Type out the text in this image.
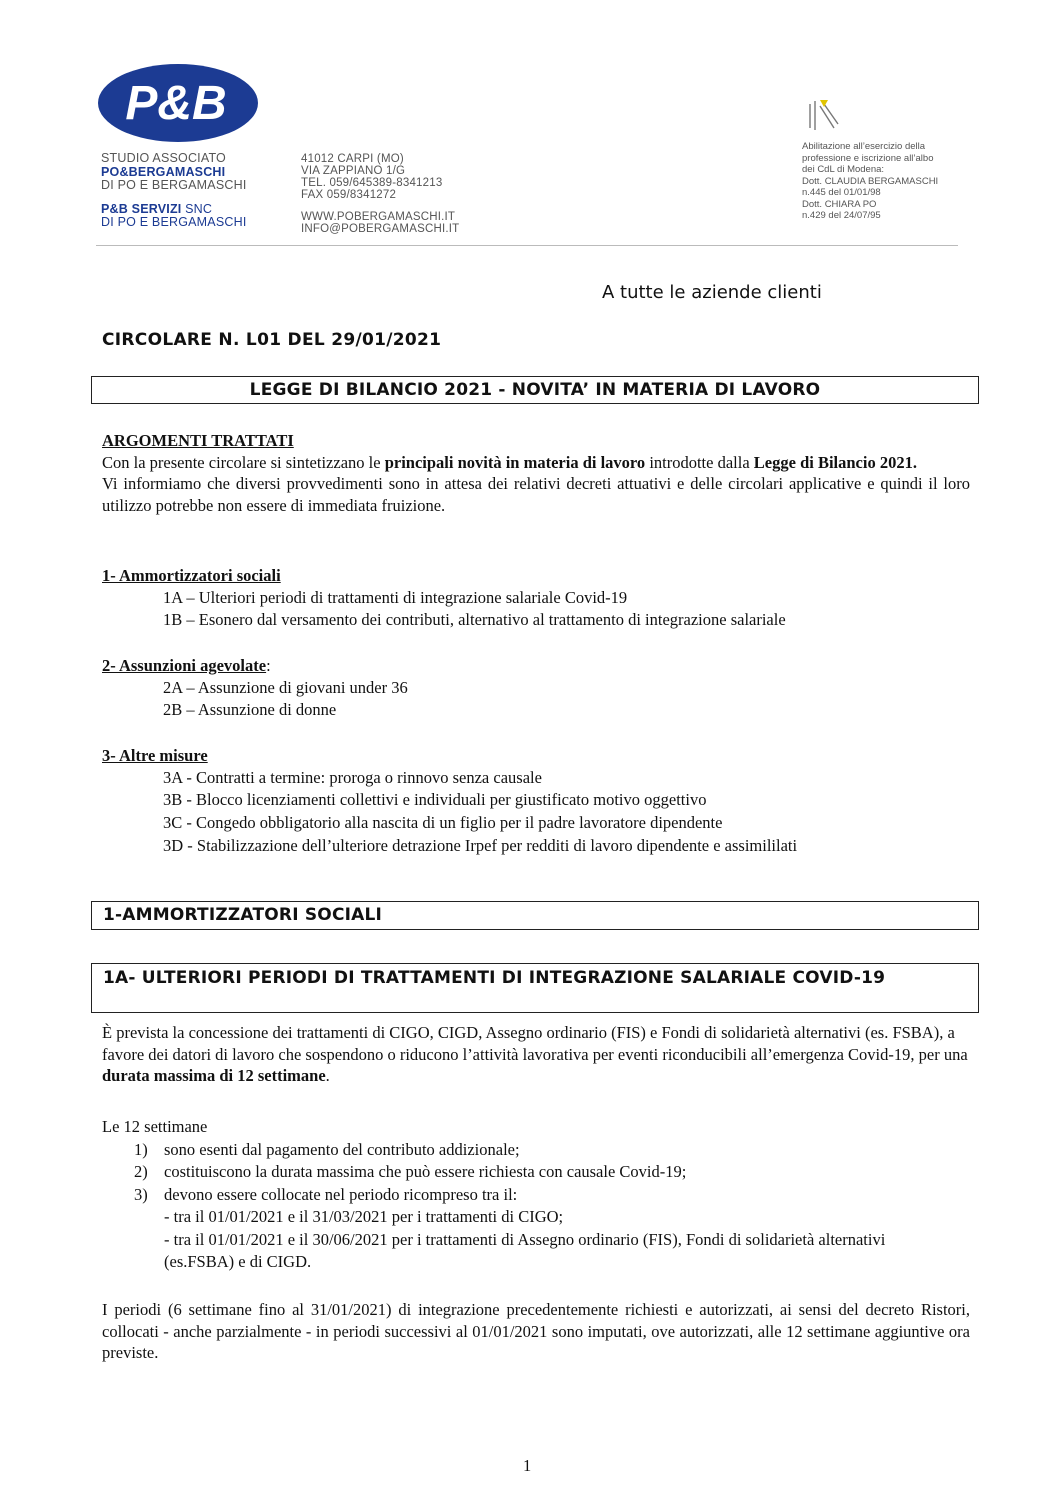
P&B
STUDIO ASSOCIATO
PO&BERGAMASCHI
DI PO E BERGAMASCHI
P&B SERVIZI SNC
DI PO E BERGAMASCHI
41012 CARPI (MO)
VIA ZAPPIANO 1/G
TEL. 059/645389-8341213
FAX 059/8341272
WWW.POBERGAMASCHI.IT
INFO@POBERGAMASCHI.IT
Abilitazione all’esercizio della
professione e iscrizione all’albo
dei CdL di Modena:
Dott. CLAUDIA BERGAMASCHI
n.445 del 01/01/98
Dott. CHIARA PO
n.429 del 24/07/95
A tutte le aziende clienti
CIRCOLARE N. L01 DEL 29/01/2021
LEGGE DI BILANCIO 2021 - NOVITA’ IN MATERIA DI LAVORO
ARGOMENTI TRATTATI
Con la presente circolare si sintetizzano le principali novità in materia di lavoro introdotte dalla Legge di Bilancio 2021.
Vi informiamo che diversi provvedimenti sono in attesa dei relativi decreti attuativi e delle circolari applicative e quindi il loro utilizzo potrebbe non essere di immediata fruizione.
1- Ammortizzatori sociali
1A – Ulteriori periodi di trattamenti di integrazione salariale Covid-19
1B – Esonero dal versamento dei contributi, alternativo al trattamento di integrazione salariale
2- Assunzioni agevolate:
2A – Assunzione di giovani under 36
2B – Assunzione di donne
3- Altre misure
3A - Contratti a termine: proroga o rinnovo senza causale
3B - Blocco licenziamenti collettivi e individuali per giustificato motivo oggettivo
3C - Congedo obbligatorio alla nascita di un figlio per il padre lavoratore dipendente
3D - Stabilizzazione dell’ulteriore detrazione Irpef per redditi di lavoro dipendente e assimililati
1-AMMORTIZZATORI SOCIALI
1A- ULTERIORI PERIODI DI TRATTAMENTI DI INTEGRAZIONE SALARIALE COVID-19
È prevista la concessione dei trattamenti di CIGO, CIGD, Assegno ordinario (FIS) e Fondi di solidarietà alternativi (es. FSBA), a favore dei datori di lavoro che sospendono o riducono l’attività lavorativa per eventi riconducibili all’emergenza Covid-19, per una durata massima di 12 settimane.
Le 12 settimane
1) sono esenti dal pagamento del contributo addizionale;
2) costituiscono la durata massima che può essere richiesta con causale Covid-19;
3) devono essere collocate nel periodo ricompreso tra il:
- tra il 01/01/2021 e il 31/03/2021 per i trattamenti di CIGO;
- tra il 01/01/2021 e il 30/06/2021 per i trattamenti di Assegno ordinario (FIS), Fondi di solidarietà alternativi (es.FSBA) e di CIGD.
I periodi (6 settimane fino al 31/01/2021) di integrazione precedentemente richiesti e autorizzati, ai sensi del decreto Ristori, collocati - anche parzialmente - in periodi successivi al 01/01/2021 sono imputati, ove autorizzati, alle 12 settimane aggiuntive ora previste.
1
